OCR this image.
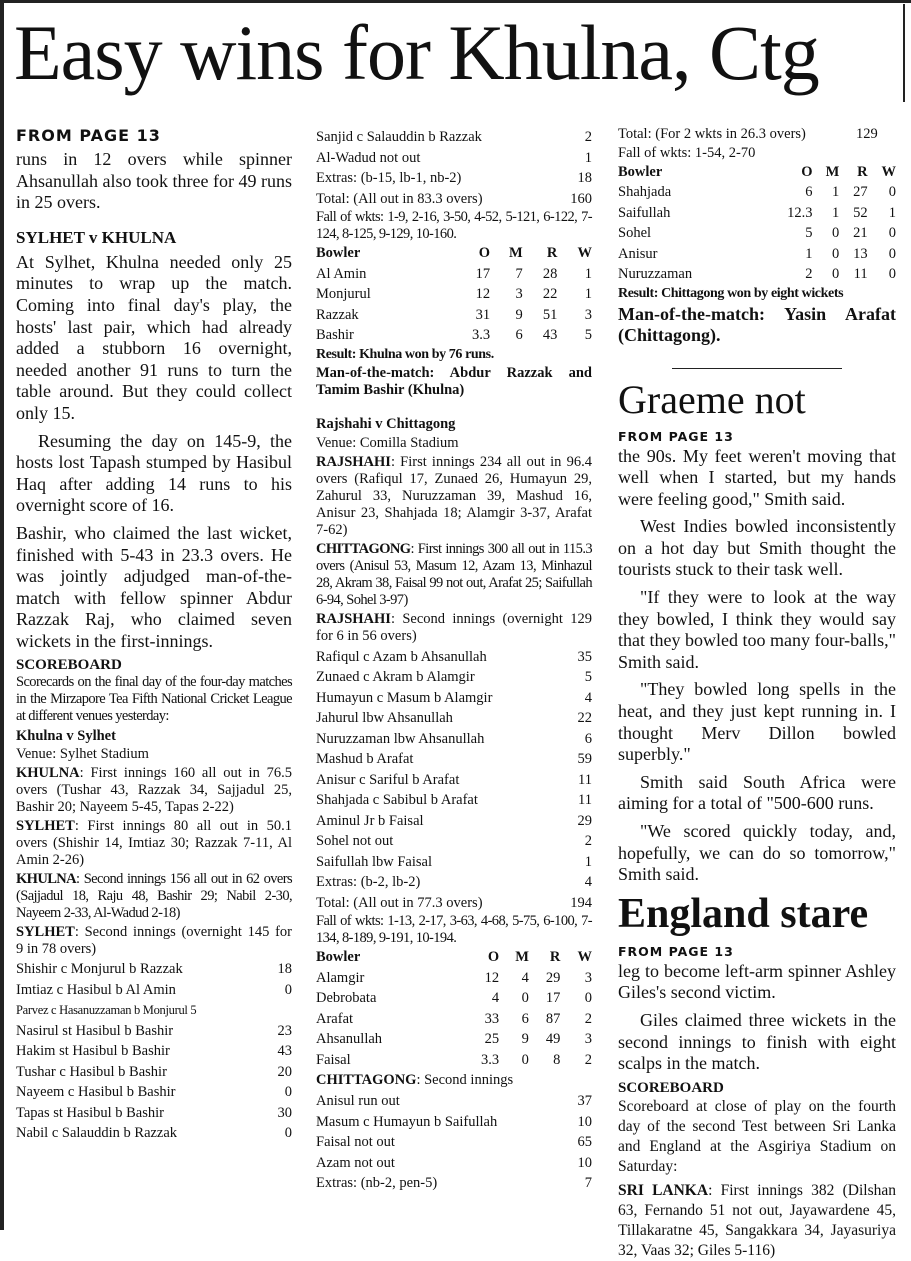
Easy wins for Khulna, Ctg
FROM PAGE 13

runs in 12 overs while spinner Ahsanullah also took three for 49 runs in 25 overs.

SYLHET v KHULNA

At Sylhet, Khulna needed only 25 minutes to wrap up the match. Coming into final day's play, the hosts' last pair, which had already added a stubborn 16 overnight, needed another 91 runs to turn the table around. But they could collect only 15.

Resuming the day on 145-9, the hosts lost Tapash stumped by Hasibul Haq after adding 14 runs to his overnight score of 16.

Bashir, who claimed the last wicket, finished with 5-43 in 23.3 overs. He was jointly adjudged man-of-the-match with fellow spinner Abdur Razzak Raj, who claimed seven wickets in the first-innings.

SCOREBOARD

Scorecards on the final day of the four-day matches in the Mirzapore Tea Fifth National Cricket League at different venues yesterday:

Khulna v Sylhet

Venue: Sylhet Stadium

KHULNA: First innings 160 all out in 76.5 overs (Tushar 43, Razzak 34, Sajjadul 25, Bashir 20; Nayeem 5-45, Tapas 2-22)

SYLHET: First innings 80 all out in 50.1 overs (Shishir 14, Imtiaz 30; Razzak 7-11, Al Amin 2-26)

KHULNA: Second innings 156 all out in 62 overs (Sajjadul 18, Raju 48, Bashir 29; Nabil 2-30, Nayeem 2-33, Al-Wadud 2-18)

SYLHET: Second innings (overnight 145 for 9 in 78 overs)

Shishir c Monjurul b Razzak	18
Imtiaz c Hasibul b Al Amin	0
Parvez c Hasanuzzaman b Monjurul 5
Nasirul st Hasibul b Bashir	23
Hakim st Hasibul b Bashir	43
Tushar c Hasibul b Bashir	20
Nayeem c Hasibul b Bashir	0
Tapas st Hasibul b Bashir	30
Nabil c Salauddin b Razzak	0
Sanjid c Salauddin b Razzak	2
Al-Wadud not out	1
Extras: (b-15, lb-1, nb-2)	18
Total: (All out in 83.3 overs)	160

Fall of wkts: 1-9, 2-16, 3-50, 4-52, 5-121, 6-122, 7-124, 8-125, 9-129, 10-160.

Bowler	O	M	R	W
Al Amin	17	7	28	1
Monjurul	12	3	22	1
Razzak	31	9	51	3
Bashir	3.3	6	43	5

Result: Khulna won by 76 runs.

Man-of-the-match: Abdur Razzak and Tamim Bashir (Khulna)

Rajshahi v Chittagong

Venue: Comilla Stadium

RAJSHAHI: First innings 234 all out in 96.4 overs (Rafiqul 17, Zunaed 26, Humayun 29, Zahurul 33, Nuruzzaman 39, Mashud 16, Anisur 23, Shahjada 18; Alamgir 3-37, Arafat 7-62)

CHITTAGONG: First innings 300 all out in 115.3 overs (Anisul 53, Masum 12, Azam 13, Minhazul 28, Akram 38, Faisal 99 not out, Arafat 25; Saifullah 6-94, Sohel 3-97)

RAJSHAHI: Second innings (overnight 129 for 6 in 56 overs)

Rafiqul c Azam b Ahsanullah	35
Zunaed c Akram b Alamgir	5
Humayun c Masum b Alamgir	4
Jahurul lbw Ahsanullah	22
Nuruzzaman lbw Ahsanullah	6
Mashud b Arafat	59
Anisur c Sariful b Arafat	11
Shahjada c Sabibul b Arafat	11
Aminul Jr b Faisal	29
Sohel not out	2
Saifullah lbw Faisal	1
Extras: (b-2, lb-2)	4
Total: (All out in 77.3 overs)	194

Fall of wkts: 1-13, 2-17, 3-63, 4-68, 5-75, 6-100, 7-134, 8-189, 9-191, 10-194.

Bowler	O	M	R	W
Alamgir	12	4	29	3
Debrobata	4	0	17	0
Arafat	33	6	87	2
Ahsanullah	25	9	49	3
Faisal	3.3	0	8	2

CHITTAGONG: Second innings

Anisul run out	37
Masum c Humayun b Saifullah	10
Faisal not out	65
Azam not out	10
Extras: (nb-2, pen-5)	7
Total: (For 2 wkts in 26.3 overs)	129

Fall of wkts: 1-54, 2-70

Bowler	O	M	R	W
Shahjada	6	1	27	0
Saifullah	12.3	1	52	1
Sohel	5	0	21	0
Anisur	1	0	13	0
Nuruzzaman	2	0	11	0

Result: Chittagong won by eight wickets

Man-of-the-match: Yasin Arafat (Chittagong).

Graeme not
FROM PAGE 13

the 90s. My feet weren't moving that well when I started, but my hands were feeling good," Smith said.

West Indies bowled inconsistently on a hot day but Smith thought the tourists stuck to their task well.

"If they were to look at the way they bowled, I think they would say that they bowled too many four-balls," Smith said.

"They bowled long spells in the heat, and they just kept running in. I thought Merv Dillon bowled superbly."

Smith said South Africa were aiming for a total of "500-600 runs.

"We scored quickly today, and, hopefully, we can do so tomorrow," Smith said.

England stare
FROM PAGE 13

leg to become left-arm spinner Ashley Giles's second victim.

Giles claimed three wickets in the second innings to finish with eight scalps in the match.

SCOREBOARD

Scoreboard at close of play on the fourth day of the second Test between Sri Lanka and England at the Asgiriya Stadium on Saturday:

SRI LANKA: First innings 382 (Dilshan 63, Fernando 51 not out, Jayawardene 45, Tillakaratne 45, Sangakkara 34, Jayasuriya 32, Vaas 32; Giles 5-116)
